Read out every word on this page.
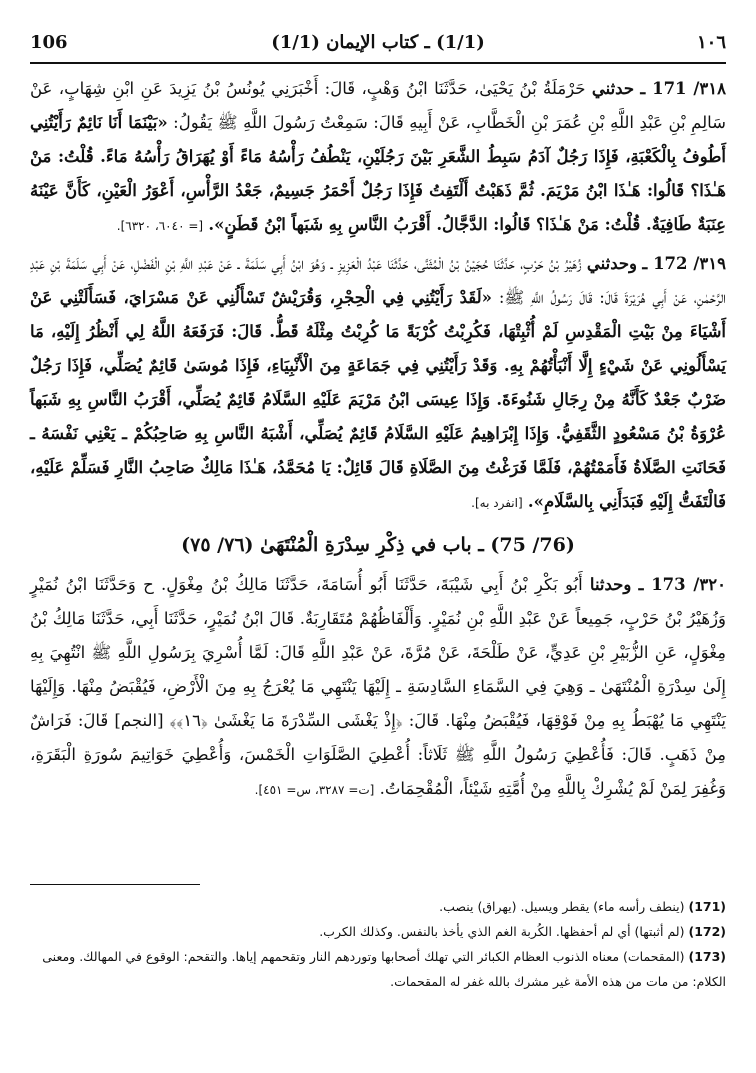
106	(1/1) ـ كتاب الإيمان (1/1)	١٠٦

٣١٨/ 171 ـ حدثني حَرْمَلَةُ بْنُ يَحْيَىٰ، حَدَّثَنَا ابْنُ وَهْبٍ، قَالَ: أَخْبَرَنِي يُونُسُ بْنُ يَزِيدَ عَنِ ابْنِ شِهَابٍ، عَنْ سَالِمِ بْنِ عَبْدِ اللَّهِ بْنِ عُمَرَ بْنِ الْخَطَّابِ، عَنْ أَبِيهِ قَالَ: سَمِعْتُ رَسُولَ اللَّهِ ﷺ يَقُولُ: «بَيْنَمَا أَنَا نَائِمٌ رَأَيْتُنِي أَطُوفُ بِالْكَعْبَةِ، فَإِذَا رَجُلٌ آدَمُ سَبِطُ الشَّعَرِ بَيْنَ رَجُلَيْنِ، يَنْطُفُ رَأْسُهُ مَاءً أَوْ يُهَرَاقُ رَأْسُهُ مَاءً. قُلْتُ: مَنْ هَـٰذَا؟ قَالُوا: هَـٰذَا ابْنُ مَرْيَمَ. ثُمَّ ذَهَبْتُ أَلْتَفِتُ فَإِذَا رَجُلٌ أَحْمَرُ جَسِيمٌ، جَعْدُ الرَّأْسِ، أَعْوَرُ الْعَيْنِ، كَأَنَّ عَيْنَهُ عِنَبَةٌ طَافِيَةٌ. قُلْتُ: مَنْ هَـٰذَا؟ قَالُوا: الدَّجَّالُ. أَقْرَبُ النَّاسِ بِهِ شَبَهاً ابْنُ قَطَنٍ». [= ٦٠٤٠، ٦٣٢٠].

٣١٩/ 172 ـ وحدثني زُهَيْرُ بْنُ حَرْبٍ، حَدَّثَنَا حُجَيْنُ بْنُ الْمُثَنَّى، حَدَّثَنَا عَبْدُ الْعَزِيزِ ـ وَهُوَ ابْنُ أَبِي سَلَمَةَ ـ عَنْ عَبْدِ اللَّهِ بْنِ الْفَضْلِ، عَنْ أَبِي سَلَمَةَ بْنِ عَبْدِ الرَّحْمٰنِ، عَنْ أَبِي هُرَيْرَةَ قَالَ: قَالَ رَسُولُ اللَّهِ ﷺ: «لَقَدْ رَأَيْتُنِي فِي الْحِجْرِ، وَقُرَيْشٌ تَسْأَلُنِي عَنْ مَسْرَايَ، فَسَأَلَتْنِي عَنْ أَشْيَاءَ مِنْ بَيْتِ الْمَقْدِسِ لَمْ أُثْبِتْهَا، فَكُرِبْتُ كُرْبَةً مَا كُرِبْتُ مِثْلَهُ قَطُّ. قَالَ: فَرَفَعَهُ اللَّهُ لِي أَنْظُرُ إِلَيْهِ، مَا يَسْأَلُونِي عَنْ شَيْءٍ إِلَّا أَنْبَأْتُهُمْ بِهِ. وَقَدْ رَأَيْتُنِي فِي جَمَاعَةٍ مِنَ الْأَنْبِيَاءِ، فَإِذَا مُوسَىٰ قَائِمٌ يُصَلِّي، فَإِذَا رَجُلٌ ضَرْبٌ جَعْدٌ كَأَنَّهُ مِنْ رِجَالِ شَنُوءَةَ. وَإِذَا عِيسَى ابْنُ مَرْيَمَ عَلَيْهِ السَّلَامُ قَائِمٌ يُصَلِّي، أَقْرَبُ النَّاسِ بِهِ شَبَهاً عُرْوَةُ بْنُ مَسْعُودٍ الثَّقَفِيُّ. وَإِذَا إِبْرَاهِيمُ عَلَيْهِ السَّلَامُ قَائِمٌ يُصَلِّي، أَشْبَهُ النَّاسِ بِهِ صَاحِبُكُمْ ـ يَعْنِي نَفْسَهُ ـ فَحَانَتِ الصَّلَاةُ فَأَمَمْتُهُمْ، فَلَمَّا فَرَغْتُ مِنَ الصَّلَاةِ قَالَ قَائِلٌ: يَا مُحَمَّدُ، هَـٰذَا مَالِكٌ صَاحِبُ النَّارِ فَسَلِّمْ عَلَيْهِ، فَالْتَفَتُّ إِلَيْهِ فَبَدَأَنِي بِالسَّلَامِ». [انفرد به].

(76/ 75) ـ باب في ذِكْرِ سِدْرَةِ الْمُنْتَهَىٰ (٧٦/ ٧٥)

٣٢٠/ 173 ـ وحدثنا أَبُو بَكْرِ بْنُ أَبِي شَيْبَةَ، حَدَّثَنَا أَبُو أُسَامَةَ، حَدَّثَنَا مَالِكُ بْنُ مِغْوَلٍ. ح وَحَدَّثَنَا ابْنُ نُمَيْرٍ وَزُهَيْرُ بْنُ حَرْبٍ، جَمِيعاً عَنْ عَبْدِ اللَّهِ بْنِ نُمَيْرٍ. وَأَلْفَاظُهُمْ مُتَقَارِبَةٌ. قَالَ ابْنُ نُمَيْرٍ، حَدَّثَنَا أَبِي، حَدَّثَنَا مَالِكُ بْنُ مِغْوَلٍ، عَنِ الزُّبَيْرِ بْنِ عَدِيٍّ، عَنْ طَلْحَةَ، عَنْ مُرَّةَ، عَنْ عَبْدِ اللَّهِ قَالَ: لَمَّا أُسْرِيَ بِرَسُولِ اللَّهِ ﷺ انْتُهِيَ بِهِ إِلَىٰ سِدْرَةِ الْمُنْتَهَىٰ ـ وَهِيَ فِي السَّمَاءِ السَّادِسَةِ ـ إِلَيْهَا يَنْتَهِي مَا يُعْرَجُ بِهِ مِنَ الْأَرْضِ، فَيُقْبَضُ مِنْهَا. وَإِلَيْهَا يَنْتَهِي مَا يُهْبَطُ بِهِ مِنْ فَوْقِهَا، فَيُقْبَضُ مِنْهَا. قَالَ: ﴿إِذْ يَغْشَى السِّدْرَةَ مَا يَغْشَىٰ ﴿١٦﴾﴾ [النجم] قَالَ: فَرَاشٌ مِنْ ذَهَبٍ. قَالَ: فَأُعْطِيَ رَسُولُ اللَّهِ ﷺ ثَلَاثاً: أُعْطِيَ الصَّلَوَاتِ الْخَمْسَ، وَأُعْطِيَ خَوَاتِيمَ سُورَةِ الْبَقَرَةِ، وَغُفِرَ لِمَنْ لَمْ يُشْرِكْ بِاللَّهِ مِنْ أُمَّتِهِ شَيْئاً، الْمُقْحِمَاتُ. [ت= ٣٢٨٧، س= ٤٥١].

(171) (ينطف رأسه ماء) يقطر ويسيل. (يهراق) ينصب.

(172) (لم أثبتها) أي لم أحفظها. الكُربة الغم الذي يأخذ بالنفس. وكذلك الكرب.

(173) (المقحمات) معناه الذنوب العظام الكبائر التي تهلك أصحابها وتوردهم النار وتقحمهم إياها. والتقحم: الوقوع في المهالك. ومعنى الكلام: من مات من هذه الأمة غير مشرك بالله غفر له المقحمات.
